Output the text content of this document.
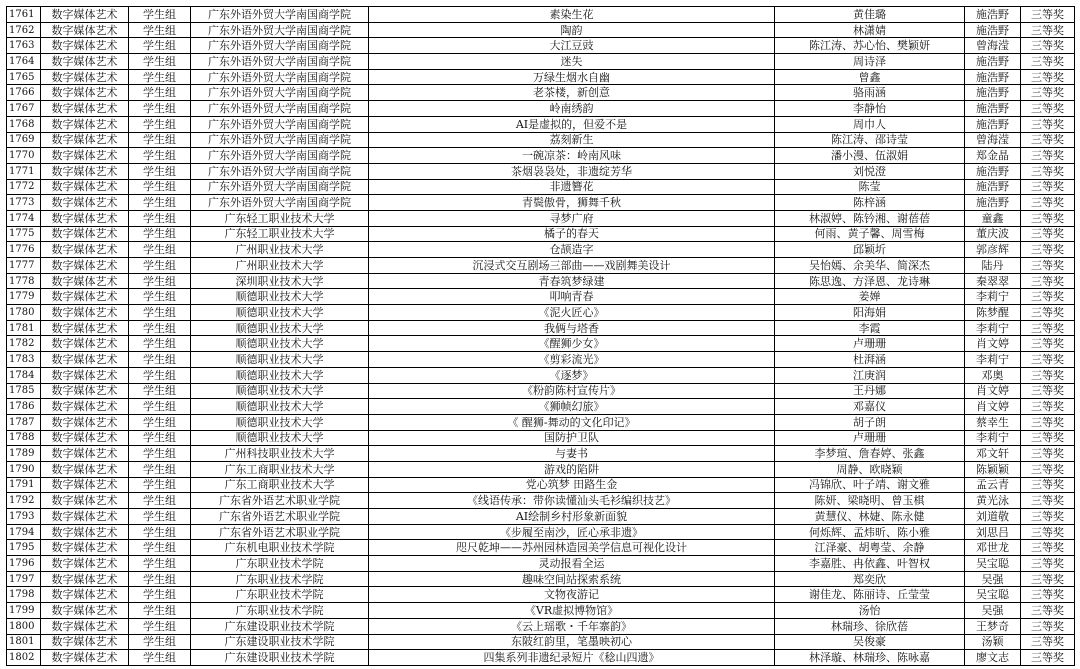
1761	数字媒体艺术	学生组	广东外语外贸大学南国商学院	素染生花	黄佳璐	施浩野	三等奖
1762	数字媒体艺术	学生组	广东外语外贸大学南国商学院	陶韵	林潇婧	施浩野	三等奖
1763	数字媒体艺术	学生组	广东外语外贸大学南国商学院	大江豆豉	陈江涛、苏心怡、樊颖妍	曾海滢	三等奖
1764	数字媒体艺术	学生组	广东外语外贸大学南国商学院	迷失	周诗泽	施浩野	三等奖
1765	数字媒体艺术	学生组	广东外语外贸大学南国商学院	万绿生烟水自幽	曾鑫	施浩野	三等奖
1766	数字媒体艺术	学生组	广东外语外贸大学南国商学院	老茶楼，新创意	骆雨涵	施浩野	三等奖
1767	数字媒体艺术	学生组	广东外语外贸大学南国商学院	岭南绣韵	李静怡	施浩野	三等奖
1768	数字媒体艺术	学生组	广东外语外贸大学南国商学院	AI是虚拟的，但爱不是	周巾人	施浩野	三等奖
1769	数字媒体艺术	学生组	广东外语外贸大学南国商学院	荔刻新生	陈江涛、邵诗莹	曾海滢	三等奖
1770	数字媒体艺术	学生组	广东外语外贸大学南国商学院	一碗凉茶：岭南风味	潘小漫、伍淑娟	郑金晶	三等奖
1771	数字媒体艺术	学生组	广东外语外贸大学南国商学院	茶烟袅袅处，非遗绽芳华	刘悦澄	施浩野	三等奖
1772	数字媒体艺术	学生组	广东外语外贸大学南国商学院	非遗簪花	陈莹	施浩野	三等奖
1773	数字媒体艺术	学生组	广东外语外贸大学南国商学院	青鬓傲骨，狮舞千秋	陈梓涵	施浩野	三等奖
1774	数字媒体艺术	学生组	广东轻工职业技术大学	寻梦广府	林淑婷、陈钤湘、谢蓓蓓	童鑫	三等奖
1775	数字媒体艺术	学生组	广东轻工职业技术大学	橘子的春天	何雨、黄子馨、周雪梅	董庆波	三等奖
1776	数字媒体艺术	学生组	广州职业技术大学	仓颉造字	邱颖圻	郭彦辉	三等奖
1777	数字媒体艺术	学生组	广州职业技术大学	沉浸式交互剧场三部曲——戏剧舞美设计	吴怡嫣、余美华、简深杰	陆丹	三等奖
1778	数字媒体艺术	学生组	深圳职业技术大学	青春筑梦绿建	陈思逸、方泽恩、龙诗琳	秦翠翠	三等奖
1779	数字媒体艺术	学生组	顺德职业技术大学	叩响青春	姜婵	李莉宁	三等奖
1780	数字媒体艺术	学生组	顺德职业技术大学	《泥火匠心》	阳海娟	陈梦醒	三等奖
1781	数字媒体艺术	学生组	顺德职业技术大学	我俩与塔香	李霞	李莉宁	三等奖
1782	数字媒体艺术	学生组	顺德职业技术大学	《醒狮少女》	卢珊珊	肖文婷	三等奖
1783	数字媒体艺术	学生组	顺德职业技术大学	《剪彩流光》	杜湃涵	李莉宁	三等奖
1784	数字媒体艺术	学生组	顺德职业技术大学	《逐梦》	江庚润	邓奥	三等奖
1785	数字媒体艺术	学生组	顺德职业技术大学	《粉韵陈村宣传片》	王丹娜	肖文婷	三等奖
1786	数字媒体艺术	学生组	顺德职业技术大学	《狮帧幻旅》	邓嘉仪	肖文婷	三等奖
1787	数字媒体艺术	学生组	顺德职业技术大学	《 醒狮-舞动的文化印记》	胡子朗	蔡幸生	三等奖
1788	数字媒体艺术	学生组	顺德职业技术大学	国防护卫队	卢珊珊	李莉宁	三等奖
1789	数字媒体艺术	学生组	广州科技职业技术大学	与妻书	李梦瑄、詹春婷、张鑫	邓文轩	三等奖
1790	数字媒体艺术	学生组	广东工商职业技术大学	游戏的陷阱	周静、欧晓颖	陈颖颖	三等奖
1791	数字媒体艺术	学生组	广东工商职业技术大学	党心筑梦 田路生金	冯锦欣、叶子靖、谢文雅	孟云青	三等奖
1792	数字媒体艺术	学生组	广东省外语艺术职业学院	《线语传承：带你读懂汕头毛衫编织技艺》	陈妍、梁晓明、曾玉棋	黄光泳	三等奖
1793	数字媒体艺术	学生组	广东省外语艺术职业学院	AI绘制乡村形象新面貌	黄慧仪、林婕、陈永健	刘道敬	三等奖
1794	数字媒体艺术	学生组	广东省外语艺术职业学院	《步履至南沙，匠心承非遗》	何烁辉、孟炜昕、陈小雅	刘思吕	三等奖
1795	数字媒体艺术	学生组	广东机电职业技术学院	咫尺乾坤——苏州园林造园美学信息可视化设计	江泽豪、胡粤莹、余静	邓世龙	三等奖
1796	数字媒体艺术	学生组	广东职业技术学院	灵动报看全运	李嘉胜、冉依鑫、叶智权	吴宝聪	三等奖
1797	数字媒体艺术	学生组	广东职业技术学院	趣味空间站探索系统	郑奕欣	吴强	三等奖
1798	数字媒体艺术	学生组	广东职业技术学院	文物夜游记	谢佳龙、陈丽诗、丘莹莹	吴宝聪	三等奖
1799	数字媒体艺术	学生组	广东职业技术学院	《VR虚拟博物馆》	汤怡	吴强	三等奖
1800	数字媒体艺术	学生组	广东建设职业技术学院	《云上瑶歌・千年寨韵》	林瑞珍、徐欣蓓	王梦奇	三等奖
1801	数字媒体艺术	学生组	广东建设职业技术学院	东陂红韵里，笔墨映初心	吴俊豪	汤颖	三等奖
1802	数字媒体艺术	学生组	广东建设职业技术学院	四集系列非遗纪录短片《稔山四遗》	林泽璇、林瑞珍、陈咏嘉	廖文志	三等奖
